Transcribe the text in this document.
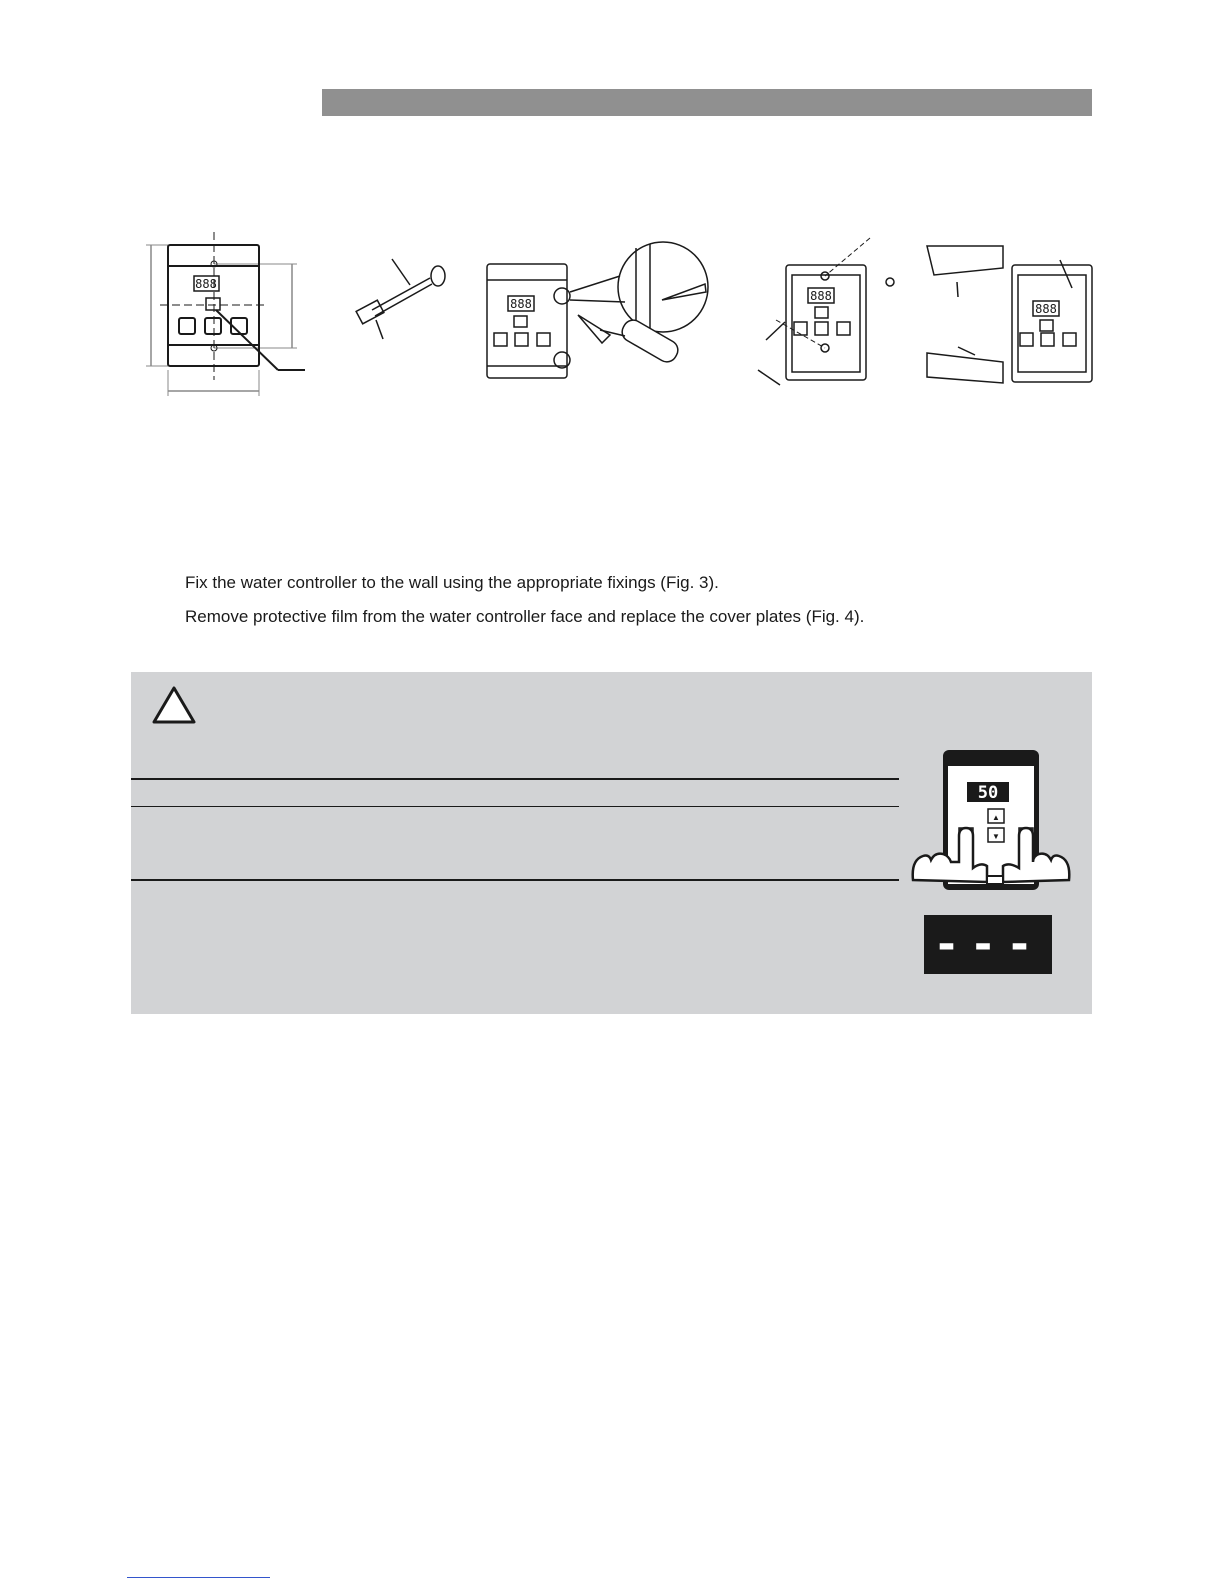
888
888
888
888
Fix the water controller to the wall using the appropriate fixings (Fig. 3).
Remove protective film from the water controller face and replace the cover plates (Fig. 4).
50
▲
▼
---
